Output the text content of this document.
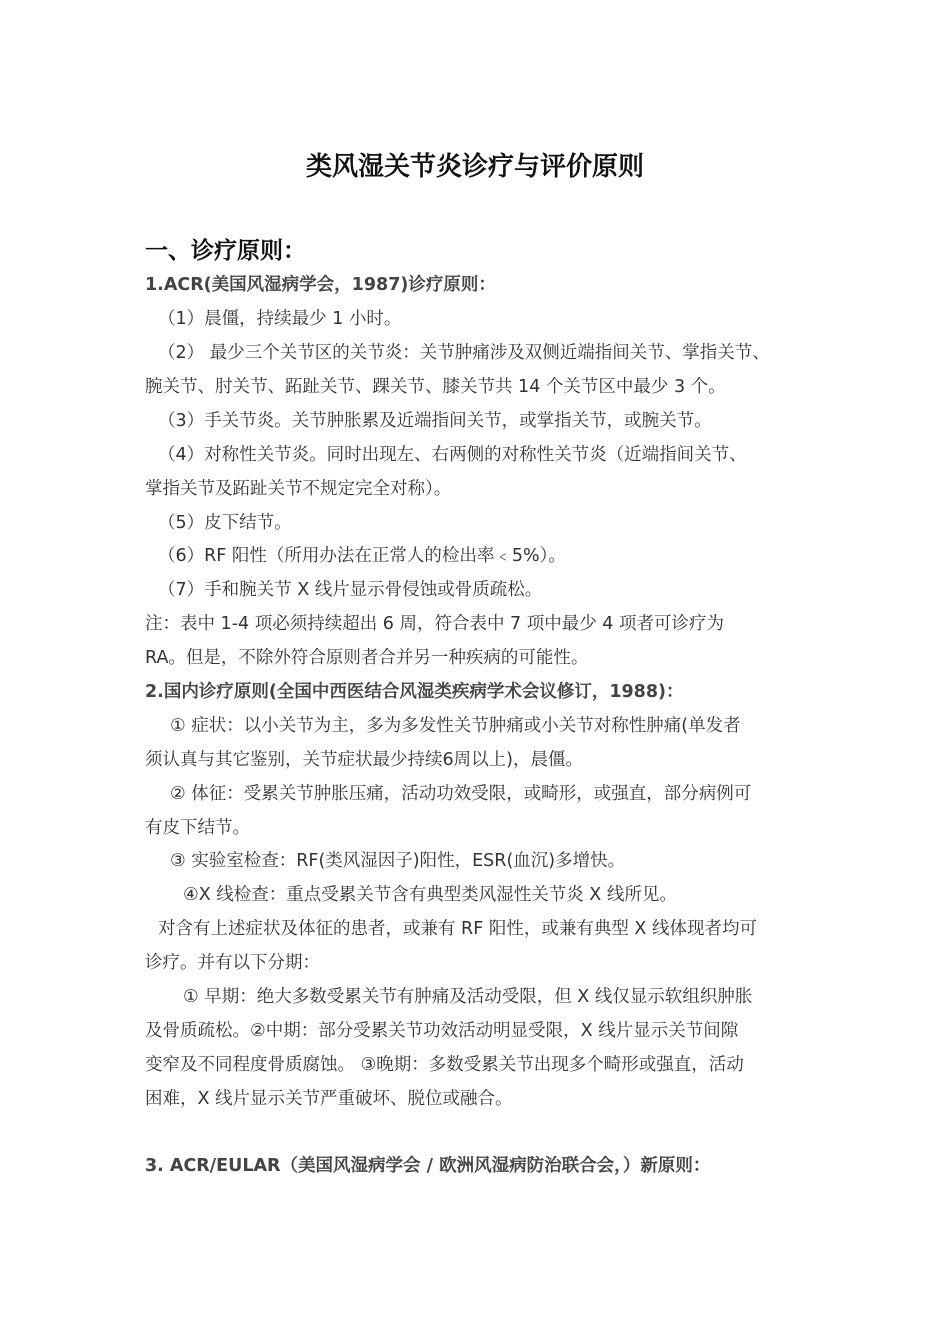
类风湿关节炎诊疗与评价原则
一、诊疗原则：
1.ACR(美国风湿病学会，1987)诊疗原则：
（1）晨僵，持续最少 1 小时。
（2） 最少三个关节区的关节炎：关节肿痛涉及双侧近端指间关节、掌指关节、
腕关节、肘关节、跖趾关节、踝关节、膝关节共 14 个关节区中最少 3 个。
（3）手关节炎。关节肿胀累及近端指间关节，或掌指关节，或腕关节。
（4）对称性关节炎。同时出现左、右两侧的对称性关节炎（近端指间关节、
掌指关节及跖趾关节不规定完全对称）。
（5）皮下结节。
（6）RF 阳性（所用办法在正常人的检出率﹤5%）。
（7）手和腕关节 X 线片显示骨侵蚀或骨质疏松。
注：表中 1-4 项必须持续超出 6 周，符合表中 7 项中最少 4 项者可诊疗为
RA。但是，不除外符合原则者合并另一种疾病的可能性。
2.国内诊疗原则(全国中西医结合风湿类疾病学术会议修订，1988)：
① 症状：以小关节为主，多为多发性关节肿痛或小关节对称性肿痛(单发者
须认真与其它鉴别，关节症状最少持续6周以上)，晨僵。
② 体征：受累关节肿胀压痛，活动功效受限，或畸形，或强直，部分病例可
有皮下结节。
③ 实验室检查：RF(类风湿因子)阳性，ESR(血沉)多增快。
④X 线检查：重点受累关节含有典型类风湿性关节炎 X 线所见。
对含有上述症状及体征的患者，或兼有 RF 阳性，或兼有典型 X 线体现者均可
诊疗。并有以下分期：
① 早期：绝大多数受累关节有肿痛及活动受限，但 X 线仅显示软组织肿胀
及骨质疏松。②中期：部分受累关节功效活动明显受限，X 线片显示关节间隙
变窄及不同程度骨质腐蚀。 ③晚期：多数受累关节出现多个畸形或强直，活动
困难，X 线片显示关节严重破坏、脱位或融合。
3. ACR/EULAR（美国风湿病学会 / 欧洲风湿病防治联合会，）新原则：
